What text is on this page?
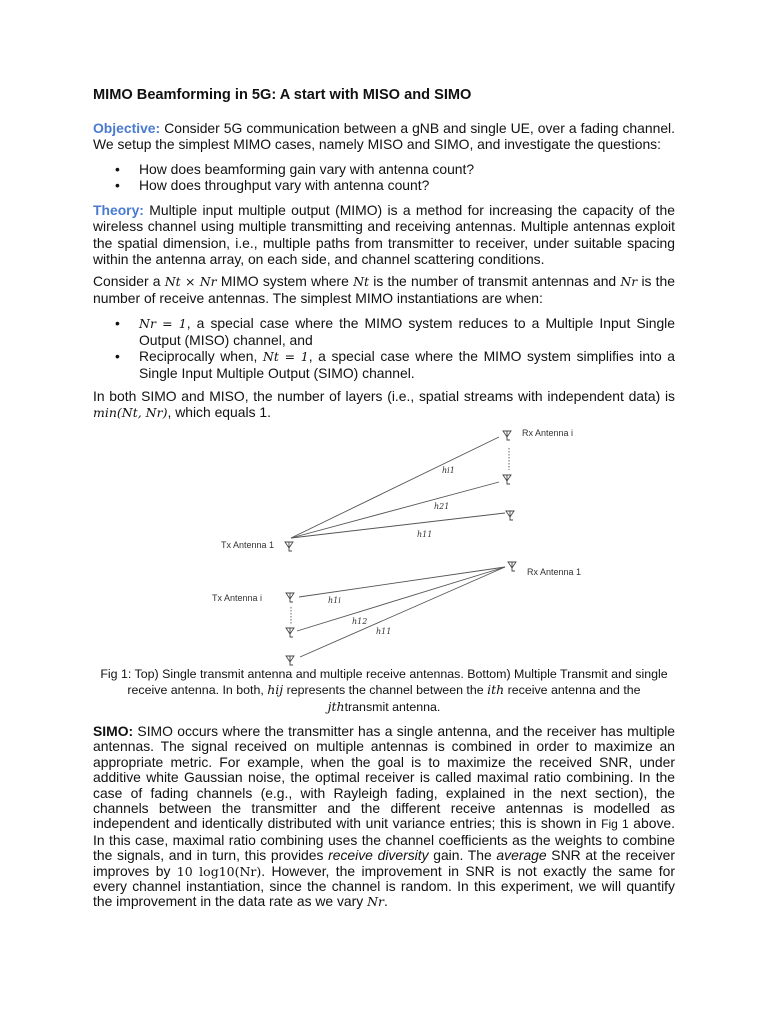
MIMO Beamforming in 5G: A start with MISO and SIMO
Objective: Consider 5G communication between a gNB and single UE, over a fading channel. We setup the simplest MIMO cases, namely MISO and SIMO, and investigate the questions:
• How does beamforming gain vary with antenna count?
• How does throughput vary with antenna count?
Theory: Multiple input multiple output (MIMO) is a method for increasing the capacity of the wireless channel using multiple transmitting and receiving antennas. Multiple antennas exploit the spatial dimension, i.e., multiple paths from transmitter to receiver, under suitable spacing within the antenna array, on each side, and channel scattering conditions.
Consider a Nt × Nr MIMO system where Nt is the number of transmit antennas and Nr is the number of receive antennas. The simplest MIMO instantiations are when:
• Nr = 1, a special case where the MIMO system reduces to a Multiple Input Single Output (MISO) channel, and
• Reciprocally when, Nt = 1, a special case where the MIMO system simplifies into a Single Input Multiple Output (SIMO) channel.
In both SIMO and MISO, the number of layers (i.e., spatial streams with independent data) is min(Nt, Nr), which equals 1.
Rx Antenna i
Tx Antenna 1
Rx Antenna 1
Tx Antenna i
hi1
h21
h11
h1i
h12
h11
Fig 1: Top) Single transmit antenna and multiple receive antennas. Bottom) Multiple Transmit and single receive antenna. In both, hij represents the channel between the ith receive antenna and the
jthtransmit antenna.
SIMO: SIMO occurs where the transmitter has a single antenna, and the receiver has multiple antennas. The signal received on multiple antennas is combined in order to maximize an appropriate metric. For example, when the goal is to maximize the received SNR, under additive white Gaussian noise, the optimal receiver is called maximal ratio combining. In the case of fading channels (e.g., with Rayleigh fading, explained in the next section), the channels between the transmitter and the different receive antennas is modelled as independent and identically distributed with unit variance entries; this is shown in Fig 1 above. In this case, maximal ratio combining uses the channel coefficients as the weights to combine the signals, and in turn, this provides receive diversity gain. The average SNR at the receiver improves by 10 log10(Nr). However, the improvement in SNR is not exactly the same for every channel instantiation, since the channel is random. In this experiment, we will quantify the improvement in the data rate as we vary Nr.
